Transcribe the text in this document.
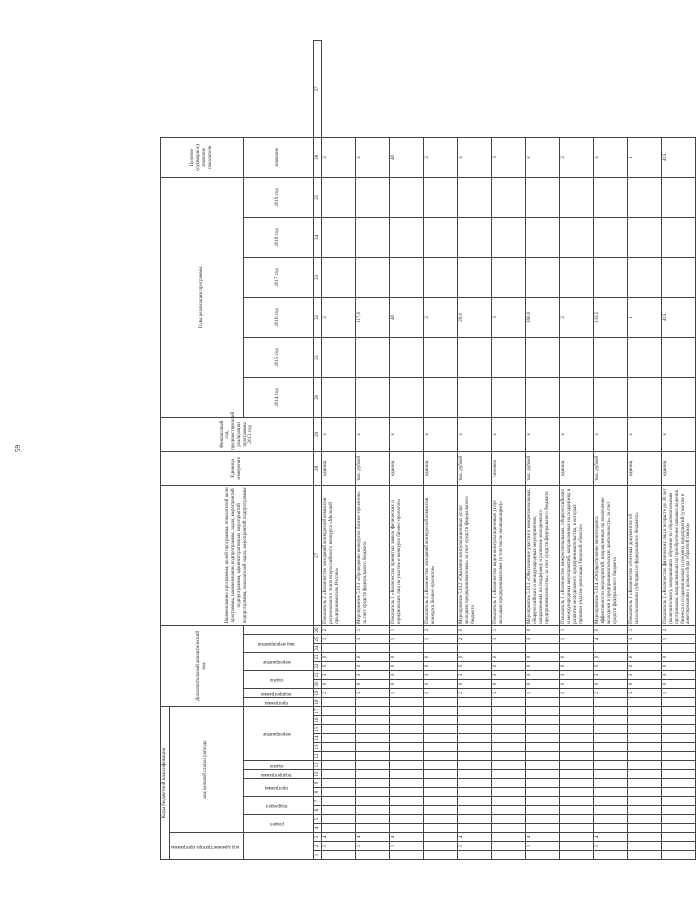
59
Коды бюджетной классификации																	Дополнительный аналитический код									Наименование программы, целей программы, показателей цели программы, наименование подпрограммы, задач, мероприятий подпрограммы, административных мероприятий подпрограммы, показателей задач, мероприятий подпрограммы	Единица измерения	Финансовый год, предшествующий реализации программы 2013 год	Годы реализации программы						Целевое (суммарное) значение показателя	
код администратора программы			код целевой статьи расхода																																	
			раздел		подраздел		программа		подпрограмма	задача	мероприятие						программа	подпрограмма	задача		мероприятие		вид мероприятия						2014 год	2015 год	2016 год	2017 год	2018 год	2019 год	значение	
1	2	3	4	5	6	7	8	9	10	11	12	13	14	15	16	17	18	19	20	21	22	23	24	25	26	27	28	29	30	31	32	33	34	35	36	37
	1	4																1	0	3	0	0		1	2	Показатель 2 «Количество заседаний конкурсной комиссии регионального этапа всероссийского конкурса «Молодой предприниматель России»	единиц	х			2				2	
	1	4																1	0	3	0	0		1	1	Мероприятие 5.013 «Проведение конкурсов бизнес-проектов» за счет средств федерального бюджета	тыс. рублей	х			117,0				х	
	1	4																1	0	3	0	0		1	1	Показатель 1 «Количество принятых заявок физических и юридических лиц на участие в конкурсе бизнес-проектов»	единиц	х			40				40	
																		1	0	3	0	0		1	2	Показатель 2 «Количество заседаний конкурсной комиссии конкурса бизнес-проектов»	единиц	х			2				2	
	1	4																1	0	3	0	0		2	0	Мероприятие 5.012 «Оказание консультационных услуг молодым предпринимателям» за счет средств федерального бюджета	тыс. рублей	х			20,0				х	
																		1	0	3	0	0		1	1	Показатель 1 «Количество видов консультационных услуг молодым предпринимателям (в том числе начинающим)»	человек	х			3				3	
	1	4																1	0	3	0	0		3	0	Мероприятие 5.013 «Обеспечение участия в межрегиональных, общероссийских и международных мероприятиях, направленных на поддержку и развитие молодежного предпринимательства» за счет средств федерального бюджета	тыс. рублей	х			160,0				х	
																		1	0	3	0	0		1	1	Показатель 1 «Количество межрегиональных, общероссийских и международных мероприятий, направленных на поддержку и развитие молодежного предпринимательства, в которых приняли участие делегации Тверской области»	единиц	х			2				2	
	1	4																1	0	3	0	0		4	0	Мероприятие 5.014 «Осуществление мониторинга эффективности мероприятий, направленных на вовлечение молодежи в предпринимательскую деятельность» за счет средств федерального бюджета	тыс. рублей	х			133,5				х	
																		1	0	3	0	0		1	1	Показатель 1 «Количество отчетных документов об использовании субсидии из федерального бюджета»	единиц	х			1				1	
																		1	0	3	0	0		1	2	Показатель 2 «Количество физических лиц в возрасте до 30 лет (включительно), завершивших обучение по образовательным программам, направленным на приобретение навыков ведения бизнеса и создания малых и средних предприятий (участие в анкетировании с целью сбора обратной связи)»	единиц	х			415				415	
